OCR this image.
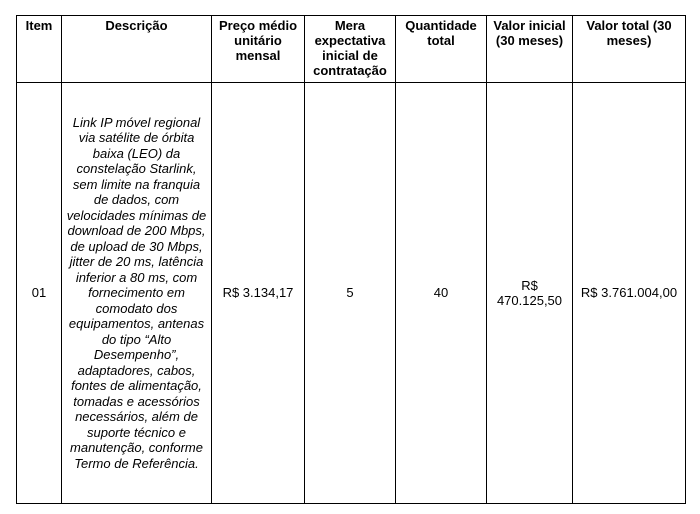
Item	Descrição	Preço médio unitário mensal	Mera expectativa inicial de contratação	Quantidade total	Valor inicial (30 meses)	Valor total (30 meses)
01	Link IP móvel regional via satélite de órbita baixa (LEO) da constelação Starlink, sem limite na franquia de dados, com velocidades mínimas de download de 200 Mbps, de upload de 30 Mbps, jitter de 20 ms, latência inferior a 80 ms, com fornecimento em comodato dos equipamentos, antenas do tipo “Alto Desempenho”, adaptadores, cabos, fontes de alimentação, tomadas e acessórios necessários, além de suporte técnico e manutenção, conforme Termo de Referência.	R$ 3.134,17	5	40	R$ 470.125,50	R$ 3.761.004,00
